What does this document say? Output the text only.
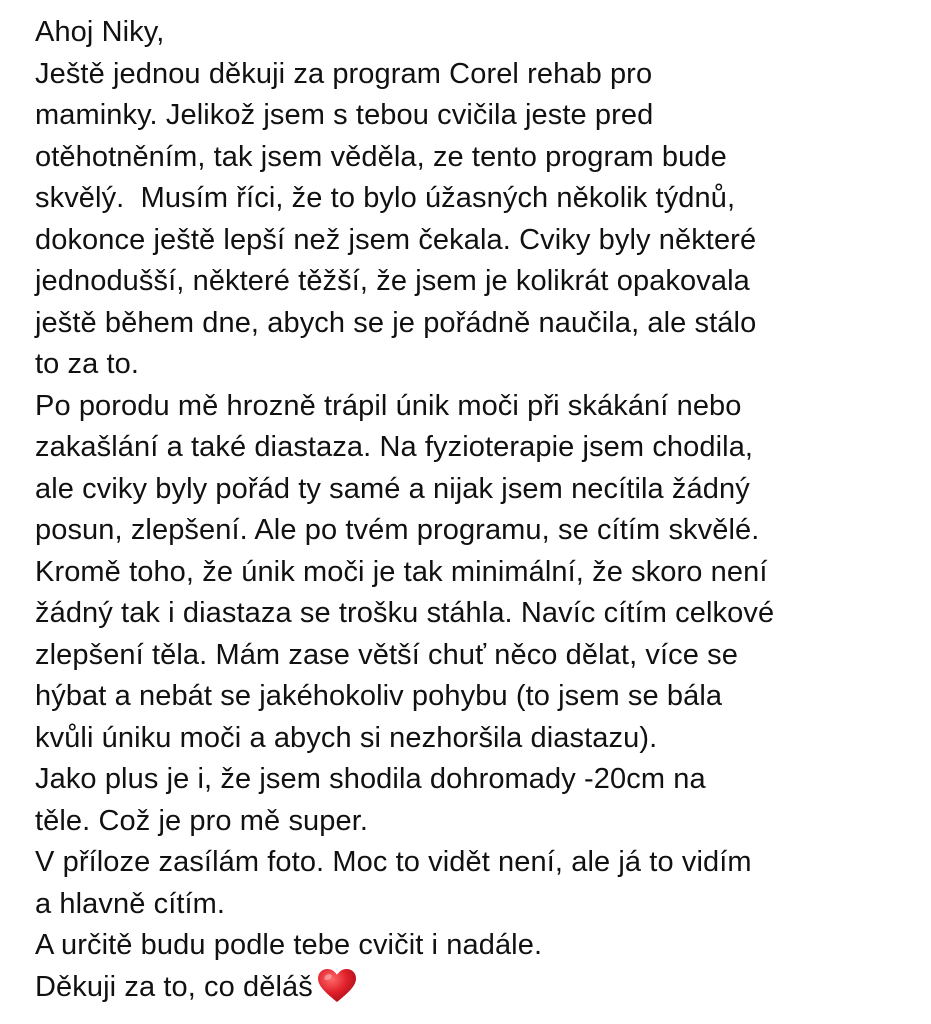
Ahoj Niky,
Ještě jednou děkuji za program Corel rehab pro
maminky. Jelikož jsem s tebou cvičila jeste pred
otěhotněním, tak jsem věděla, ze tento program bude
skvělý.  Musím říci, že to bylo úžasných několik týdnů,
dokonce ještě lepší než jsem čekala. Cviky byly některé
jednodušší, některé těžší, že jsem je kolikrát opakovala
ještě během dne, abych se je pořádně naučila, ale stálo
to za to.
Po porodu mě hrozně trápil únik moči při skákání nebo
zakašlání a také diastaza. Na fyzioterapie jsem chodila,
ale cviky byly pořád ty samé a nijak jsem necítila žádný
posun, zlepšení. Ale po tvém programu, se cítím skvělé.
Kromě toho, že únik moči je tak minimální, že skoro není
žádný tak i diastaza se trošku stáhla. Navíc cítím celkové
zlepšení těla. Mám zase větší chuť něco dělat, více se
hýbat a nebát se jakéhokoliv pohybu (to jsem se bála
kvůli úniku moči a abych si nezhoršila diastazu).
Jako plus je i, že jsem shodila dohromady -20cm na
těle. Což je pro mě super.
V příloze zasílám foto. Moc to vidět není, ale já to vidím
a hlavně cítím.
A určitě budu podle tebe cvičit i nadále.
Děkuji za to, co děláš
